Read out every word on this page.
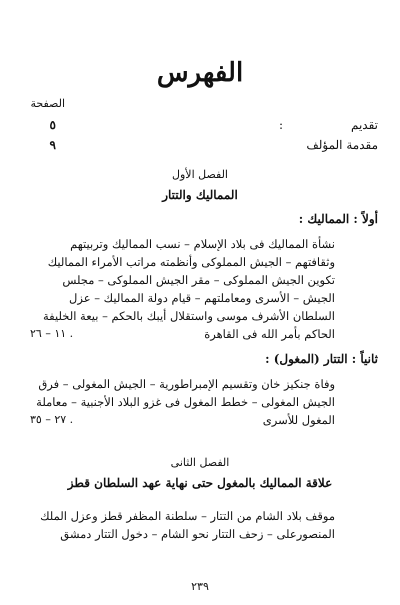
الفهرس
الصفحة
تقديم
:
٥
مقدمة المؤلف
٩
الفصل الأول
المماليك والتتار
أولاً : المماليك :
نشأة المماليك فى بلاد الإسلام – نسب المماليك وتربيتهم
وثقافتهم – الجيش المملوكى وأنظمته مراتب الأمراء المماليك
تكوين الجيش المملوكى – مقر الجيش المملوكى – مجلس
الجيش – الأسرى ومعاملتهم – قيام دولة المماليك – عزل
السلطان الأشرف موسى واستقلال أيبك بالحكم – بيعة الخليفة
الحاكم بأمر الله فى القاهرة
. ١١ – ٢٦
ثانياً : التتار (المغول) :
وفاة جنكيز خان وتقسيم الإمبراطورية – الجيش المغولى – فرق
الجيش المغولى – خطط المغول فى غزو البلاد الأجنبية – معاملة
المغول للأسرى
. ٢٧ – ٣٥
الفصل الثانى
علاقة المماليك بالمغول حتى نهاية عهد السلطان قطز
موقف بلاد الشام من التتار – سلطنة المظفر قطز وعزل الملك
المنصورعلى – زحف التتار نحو الشام – دخول التتار دمشق
٢٣٩
